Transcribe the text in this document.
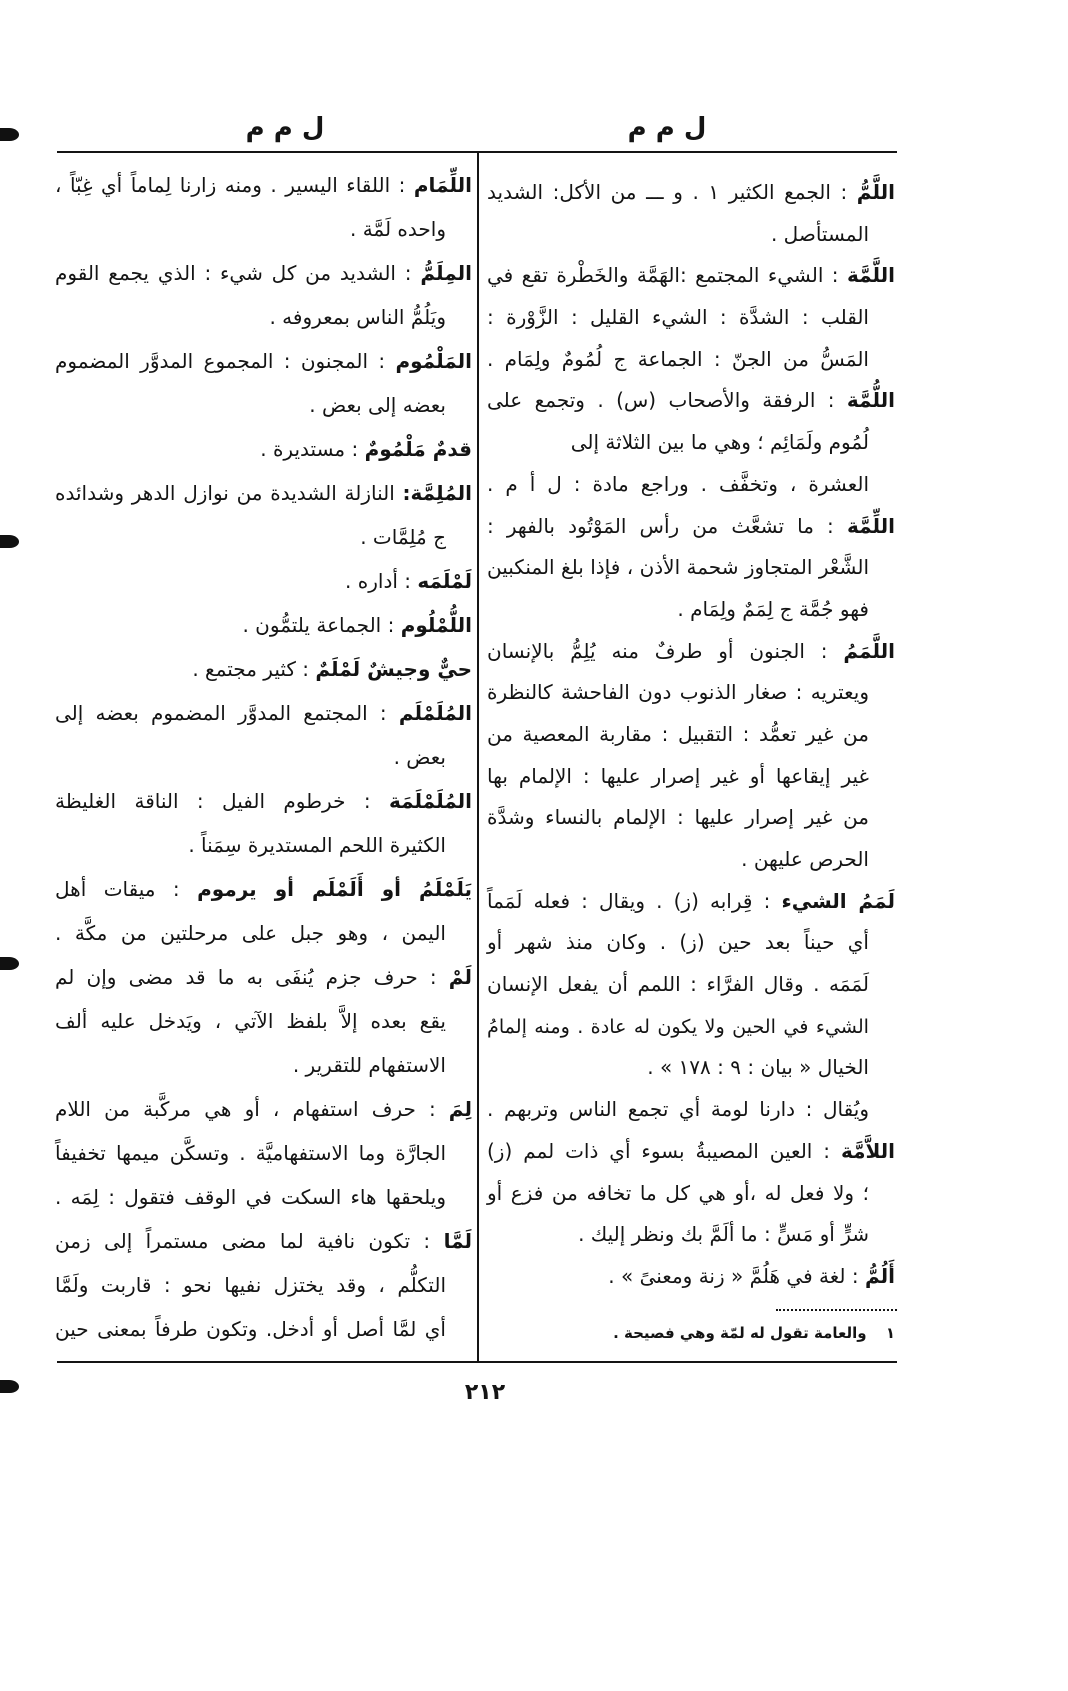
ل م م
ل م م
اللَّمُّ : الجمع الكثير ١ . و ـــ من الأكل: الشديد
المستأصل .
اللَّمَّة : الشيء المجتمع :الهَمَّة والخَطْرة تقع في
القلب : الشدَّة : الشيء القليل : الزَّوْرة :
المَسُّ من الجنّ : الجماعة ج لُمُومٌ ولِمَام .
اللُّمَّة : الرفقة والأصحاب (س) . وتجمع على
لُمُوم ولَمَائِم ؛ وهي ما بين الثلاثة إلى
العشرة ، وتخفَّف . وراجع مادة : ل أ م .
اللِّمَّة : ما تشعَّث من رأس المَوْتُود بالفهر :
الشَّعْر المتجاوز شحمة الأذن ، فإذا بلغ المنكبين
فهو جُمَّة ج لِمَمٌ ولِمَام .
اللَّمَمُ : الجنون أو طرفٌ منه يُلِمُّ بالإنسان
ويعتريه : صغار الذنوب دون الفاحشة كالنظرة
من غير تعمُّد : التقبيل : مقاربة المعصية من
غير إيقاعها أو غير إصرار عليها : الإلمام بها
من غير إصرار عليها : الإلمام بالنساء وشدَّة
الحرص عليهن .
لَمَمُ الشيء : قِرابه (ز) . ويقال : فعله لَمَماً
أي حيناً بعد حين (ز) . وكان منذ شهر أو
لَمَمَه . وقال الفرَّاء : اللمم أن يفعل الإنسان
الشيء في الحين ولا يكون له عادة . ومنه إلمامُ
الخيال « بيان : ٩ : ١٧٨ » .
ويُقال : دارنا لومة أي تجمع الناس وتربهم .
اللاَّمَّة : العين المصيبةُ بسوء أي ذات لمم (ز)
؛ ولا فعل له ،أو هي كل ما تخافه من فزع أو
شرٍّ أو مَسٍّ : ما ألَمَّ بك ونظر إليك .
أَلُمُّ : لغة في هَلُمَّ « زنة ومعنىً » .
١ والعامة تقول له لمّة وهي فصيحة .
اللِّمَام : اللقاء اليسير . ومنه زارنا لِماماً أي غِبّاً ،
واحده لَمَّة .
المِلَمُّ : الشديد من كل شيء : الذي يجمع القوم
ويَلُمُّ الناس بمعروفه .
المَلْمُوم : المجنون : المجموع المدوَّر المضموم
بعضه إلى بعض .
قدمٌ مَلْمُومٌ : مستديرة .
المُلِمَّة: النازلة الشديدة من نوازل الدهر وشدائده
ج مُلِمَّات .
لَمْلَمَه : أداره .
اللُّمْلُوم : الجماعة يلتمُّون .
حيٌّ وجيشٌ لَمْلَمٌ : كثير مجتمع .
المُلَمْلَم : المجتمع المدوَّر المضموم بعضه إلى
بعض .
المُلَمْلَمَة : خرطوم الفيل : الناقة الغليظة
الكثيرة اللحم المستديرة سِمَناً .
يَلَمْلَمُ أو أَلَمْلَم أو يرموم : ميقات أهل
اليمن ، وهو جبل على مرحلتين من مكَّة .
لَمْ : حرف جزم يُنفَى به ما قد مضى وإن لم
يقع بعده إلاَّ بلفظ الآتي ، ويَدخل عليه ألف
الاستفهام للتقرير .
لِمَ : حرف استفهام ، أو هي مركَّبة من اللام
الجارَّة وما الاستفهاميَّة . وتسكَّن ميمها تخفيفاً
ويلحقها هاء السكت في الوقف فتقول : لِمَه .
لَمَّا : تكون نافية لما مضى مستمراً إلى زمن
التكلُّم ، وقد يختزل نفيها نحو : قاربت ولَمَّا
أي لمَّا أصل أو أدخل. وتكون طرفاً بمعنى حين
٢١٢
